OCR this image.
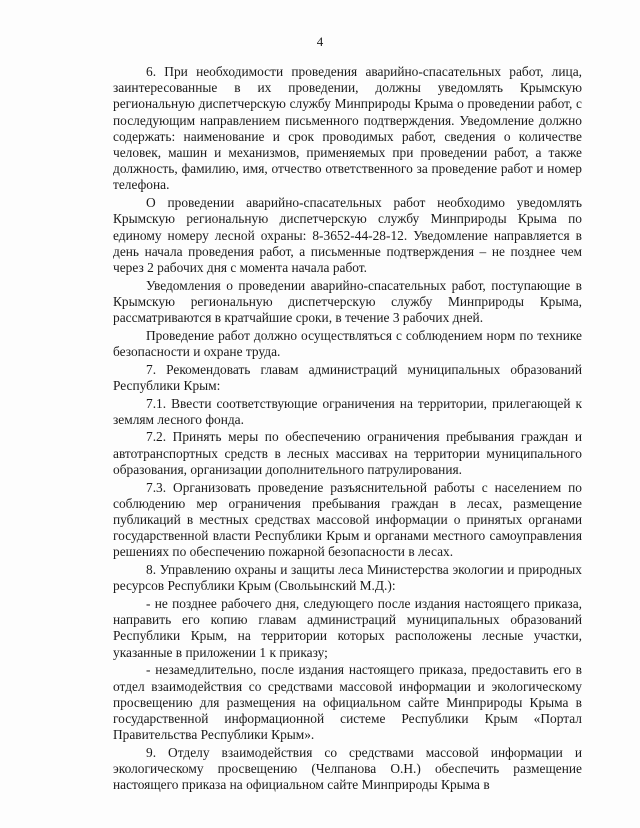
4

6. При необходимости проведения аварийно-спасательных работ, лица, заинтересованные в их проведении, должны уведомлять Крымскую региональную диспетчерскую службу Минприроды Крыма о проведении работ, с последующим направлением письменного подтверждения. Уведомление должно содержать: наименование и срок проводимых работ, сведения о количестве человек, машин и механизмов, применяемых при проведении работ, а также должность, фамилию, имя, отчество ответственного за проведение работ и номер телефона.

О проведении аварийно-спасательных работ необходимо уведомлять Крымскую региональную диспетчерскую службу Минприроды Крыма по единому номеру лесной охраны: 8-3652-44-28-12. Уведомление направляется в день начала проведения работ, а письменные подтверждения – не позднее чем через 2 рабочих дня с момента начала работ.

Уведомления о проведении аварийно-спасательных работ, поступающие в Крымскую региональную диспетчерскую службу Минприроды Крыма, рассматриваются в кратчайшие сроки, в течение 3 рабочих дней.

Проведение работ должно осуществляться с соблюдением норм по технике безопасности и охране труда.

7. Рекомендовать главам администраций муниципальных образований Республики Крым:

7.1. Ввести соответствующие ограничения на территории, прилегающей к землям лесного фонда.

7.2. Принять меры по обеспечению ограничения пребывания граждан и автотранспортных средств в лесных массивах на территории муниципального образования, организации дополнительного патрулирования.

7.3. Организовать проведение разъяснительной работы с населением по соблюдению мер ограничения пребывания граждан в лесах, размещение публикаций в местных средствах массовой информации о принятых органами государственной власти Республики Крым и органами местного самоуправления решениях по обеспечению пожарной безопасности в лесах.

8. Управлению охраны и защиты леса Министерства экологии и природных ресурсов Республики Крым (Свольынский М.Д.):

- не позднее рабочего дня, следующего после издания настоящего приказа, направить его копию главам администраций муниципальных образований Республики Крым, на территории которых расположены лесные участки, указанные в приложении 1 к приказу;

- незамедлительно, после издания настоящего приказа, предоставить его в отдел взаимодействия со средствами массовой информации и экологическому просвещению для размещения на официальном сайте Минприроды Крыма в государственной информационной системе Республики Крым «Портал Правительства Республики Крым».

9. Отделу взаимодействия со средствами массовой информации и экологическому просвещению (Челпанова О.Н.) обеспечить размещение настоящего приказа на официальном сайте Минприроды Крыма в
